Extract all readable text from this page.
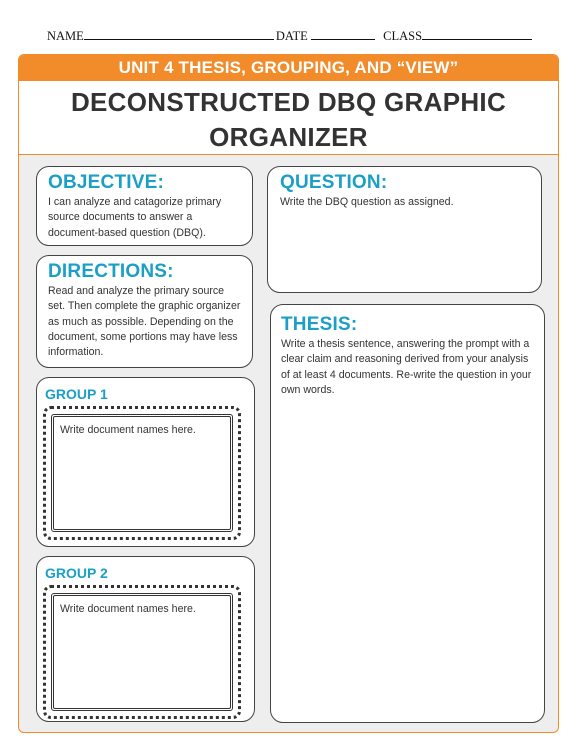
NAME	DATE	CLASS
UNIT 4 THESIS, GROUPING, AND “VIEW”
DECONSTRUCTED DBQ GRAPHIC
ORGANIZER
OBJECTIVE:

I can analyze and catagorize primary source documents to answer a document-based question (DBQ).

DIRECTIONS:

Read and analyze the primary source set. Then complete the graphic organizer as much as possible. Depending on the document, some portions may have less information.

GROUP 1
Write document names here.
GROUP 2
Write document names here.
QUESTION:

Write the DBQ question as assigned.

THESIS:

Write a thesis sentence, answering the prompt with a clear claim and reasoning derived from your analysis of at least 4 documents. Re-write the question in your own words.
